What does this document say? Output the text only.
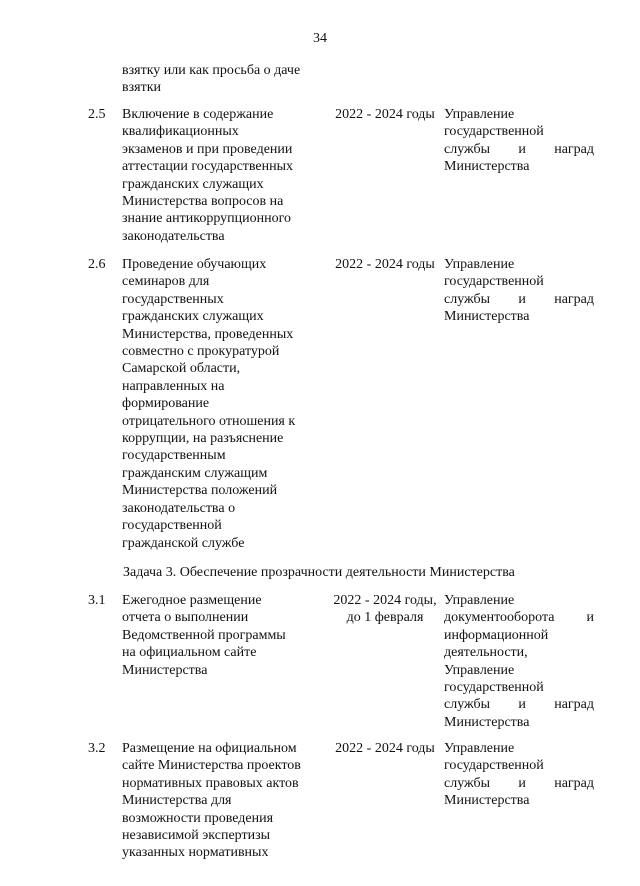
34
взятку или как просьба о даче
взятки
2.5 Включение в содержание
квалификационных
экзаменов и при проведении
аттестации государственных
гражданских служащих
Министерства вопросов на
знание антикоррупционного
законодательства
2022 - 2024 годы Управление
государственной
службы и наград
Министерства
2.6 Проведение обучающих
семинаров для
государственных
гражданских служащих
Министерства, проведенных
совместно с прокуратурой
Самарской области,
направленных на
формирование
отрицательного отношения к
коррупции, на разъяснение
государственным
гражданским служащим
Министерства положений
законодательства о
государственной
гражданской службе
2022 - 2024 годы Управление
государственной
службы и наград
Министерства
Задача 3. Обеспечение прозрачности деятельности Министерства
3.1 Ежегодное размещение
отчета о выполнении
Ведомственной программы
на официальном сайте
Министерства
2022 - 2024 годы,
до 1 февраля
Управление
документооборота и
информационной
деятельности,
Управление
государственной
службы и наград
Министерства
3.2 Размещение на официальном
сайте Министерства проектов
нормативных правовых актов
Министерства для
возможности проведения
независимой экспертизы
указанных нормативных
2022 - 2024 годы Управление
государственной
службы и наград
Министерства
